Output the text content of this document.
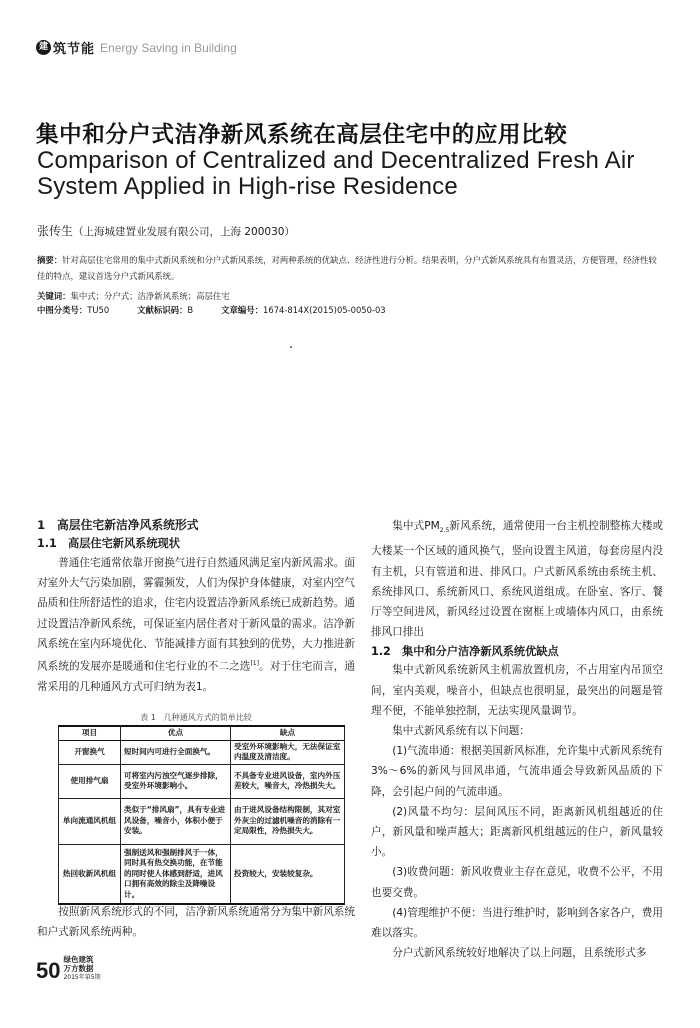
建 筑节能 Energy Saving in Building
集中和分户式洁净新风系统在高层住宅中的应用比较
Comparison of Centralized and Decentralized Fresh Air
System Applied in High-rise Residence
张传生（上海城建置业发展有限公司，上海 200030）
摘要：针对高层住宅常用的集中式新风系统和分户式新风系统，对两种系统的优缺点、经济性进行分析。结果表明，分户式新风系统具有布置灵活，方便管理，经济性较佳的特点，建议首选分户式新风系统。
关键词：集中式；分户式；洁净新风系统；高层住宅
中图分类号：TU50	文献标识码：B	文章编号：1674-814X(2015)05-0050-03
1　高层住宅新洁净风系统形式
1.1　高层住宅新风系统现状
普通住宅通常依靠开窗换气进行自然通风满足室内新风需求。面对室外大气污染加剧，雾霾频发，人们为保护身体健康，对室内空气品质和住所舒适性的追求，住宅内设置洁净新风系统已成新趋势。通过设置洁净新风系统，可保证室内居住者对于新风量的需求。洁净新风系统在室内环境优化、节能减排方面有其独到的优势，大力推进新风系统的发展亦是暖通和住宅行业的不二之选[1]。对于住宅而言，通常采用的几种通风方式可归纳为表1。
表 1　几种通风方式的简单比较
项目	优点	缺点
开窗换气	短时间内可进行全面换气。	受室外环境影响大，无法保证室内温度及清洁度。
使用排气扇	可将室内污浊空气逐步排除，受室外环境影响小。	不具备专业进风设备，室内外压差较大，噪音大，冷热损失大。
单向流通风机组	类似于“排风扇”，具有专业进风设备，噪音小，体积小便于安装。	由于进风设备结构限制，其对室外灰尘的过滤机噪音的消除有一定局限性，冷热损失大。
热回收新风机组	强制送风和强制排风于一体，同时具有热交换功能，在节能的同时使人体感到舒适，进风口拥有高效的除尘及降噪设计。	投资较大，安装较复杂。
按照新风系统形式的不同，洁净新风系统通常分为集中新风系统和户式新风系统两种。
集中式$PM_{2.5}$新风系统，通常使用一台主机控制整栋大楼或大楼某一个区域的通风换气，竖向设置主风道，每套房屋内没有主机，只有管道和进、排风口。户式新风系统由系统主机、系统排风口、系统新风口、系统风道组成。在卧室、客厅、餐厅等空间进风，新风经过设置在窗框上或墙体内风口，由系统排风口排出
1.2　集中和分户洁净新风系统优缺点
集中式新风系统新风主机需放置机房，不占用室内吊顶空间，室内美观，噪音小，但缺点也很明显，最突出的问题是管理不便，不能单独控制，无法实现风量调节。
集中式新风系统有以下问题：
(1)气流串通：根据美国新风标准，允许集中式新风系统有3%～6%的新风与回风串通，气流串通会导致新风品质的下降，会引起户间的气流串通。
(2)风量不均匀：层间风压不同，距离新风机组越近的住户，新风量和噪声越大；距离新风机组越远的住户，新风量较小。
(3)收费问题：新风收费业主存在意见，收费不公平，不用也要交费。
(4)管理维护不便：当进行维护时，影响到各家各户，费用难以落实。
分户式新风系统较好地解决了以上问题，且系统形式多
50 绿色建筑
万方数据
2015年第5期
